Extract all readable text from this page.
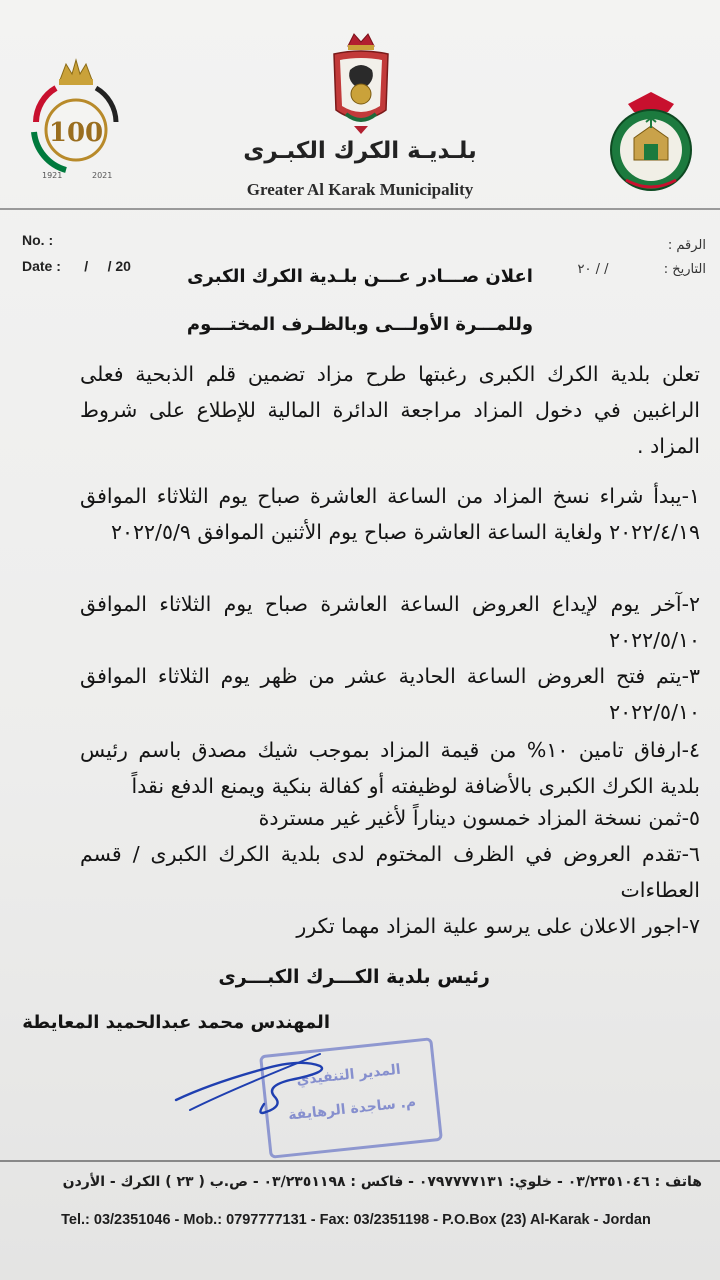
100
1921	2021
بلـديـة الكرك الكبـرى
Greater Al Karak Municipality
No. :
Date :      /     / 20
الرقم :
التاريخ :
/ / ٢٠
اعلان صـــادر عـــن بلـدية الكرك الكبرى
وللمـــرة الأولـــى وبالظـرف المختـــوم
تعلن بلدية الكرك الكبرى رغبتها طرح مزاد تضمين قلم الذبحية فعلى الراغبين في دخول المزاد مراجعة الدائرة المالية للإطلاع على شروط المزاد .
١-يبدأ شراء نسخ المزاد من الساعة العاشرة صباح يوم الثلاثاء الموافق ٢٠٢٢/٤/١٩ ولغاية الساعة العاشرة صباح يوم الأثنين الموافق ٢٠٢٢/٥/٩
٢-آخر يوم لإيداع العروض الساعة العاشرة صباح يوم الثلاثاء الموافق ٢٠٢٢/٥/١٠
٣-يتم فتح العروض الساعة الحادية عشر من ظهر يوم الثلاثاء الموافق ٢٠٢٢/٥/١٠
٤-ارفاق تامين ١٠% من قيمة المزاد بموجب شيك مصدق باسم رئيس بلدية الكرك الكبرى بالأضافة لوظيفته أو كفالة بنكية ويمنع الدفع نقداً
٥-ثمن نسخة المزاد خمسون ديناراً لأغير غير مستردة
٦-تقدم العروض في الظرف المختوم لدى بلدية الكرك الكبرى / قسم العطاءات
٧-اجور الاعلان على يرسو علية المزاد مهما تكرر
رئيس بلدية الكـــرك الكبـــرى
المهندس محمد عبدالحميد المعايطة
المدير التنفيذي
م. ساجدة الرهايفة
هاتف : ٠٣/٢٣٥١٠٤٦ - خلوي: ٠٧٩٧٧٧٧١٣١ - فاكس : ٠٣/٢٣٥١١٩٨ - ص.ب ( ٢٣ ) الكرك - الأردن
Tel.: 03/2351046 - Mob.: 0797777131 - Fax: 03/2351198 - P.O.Box (23) Al-Karak - Jordan
